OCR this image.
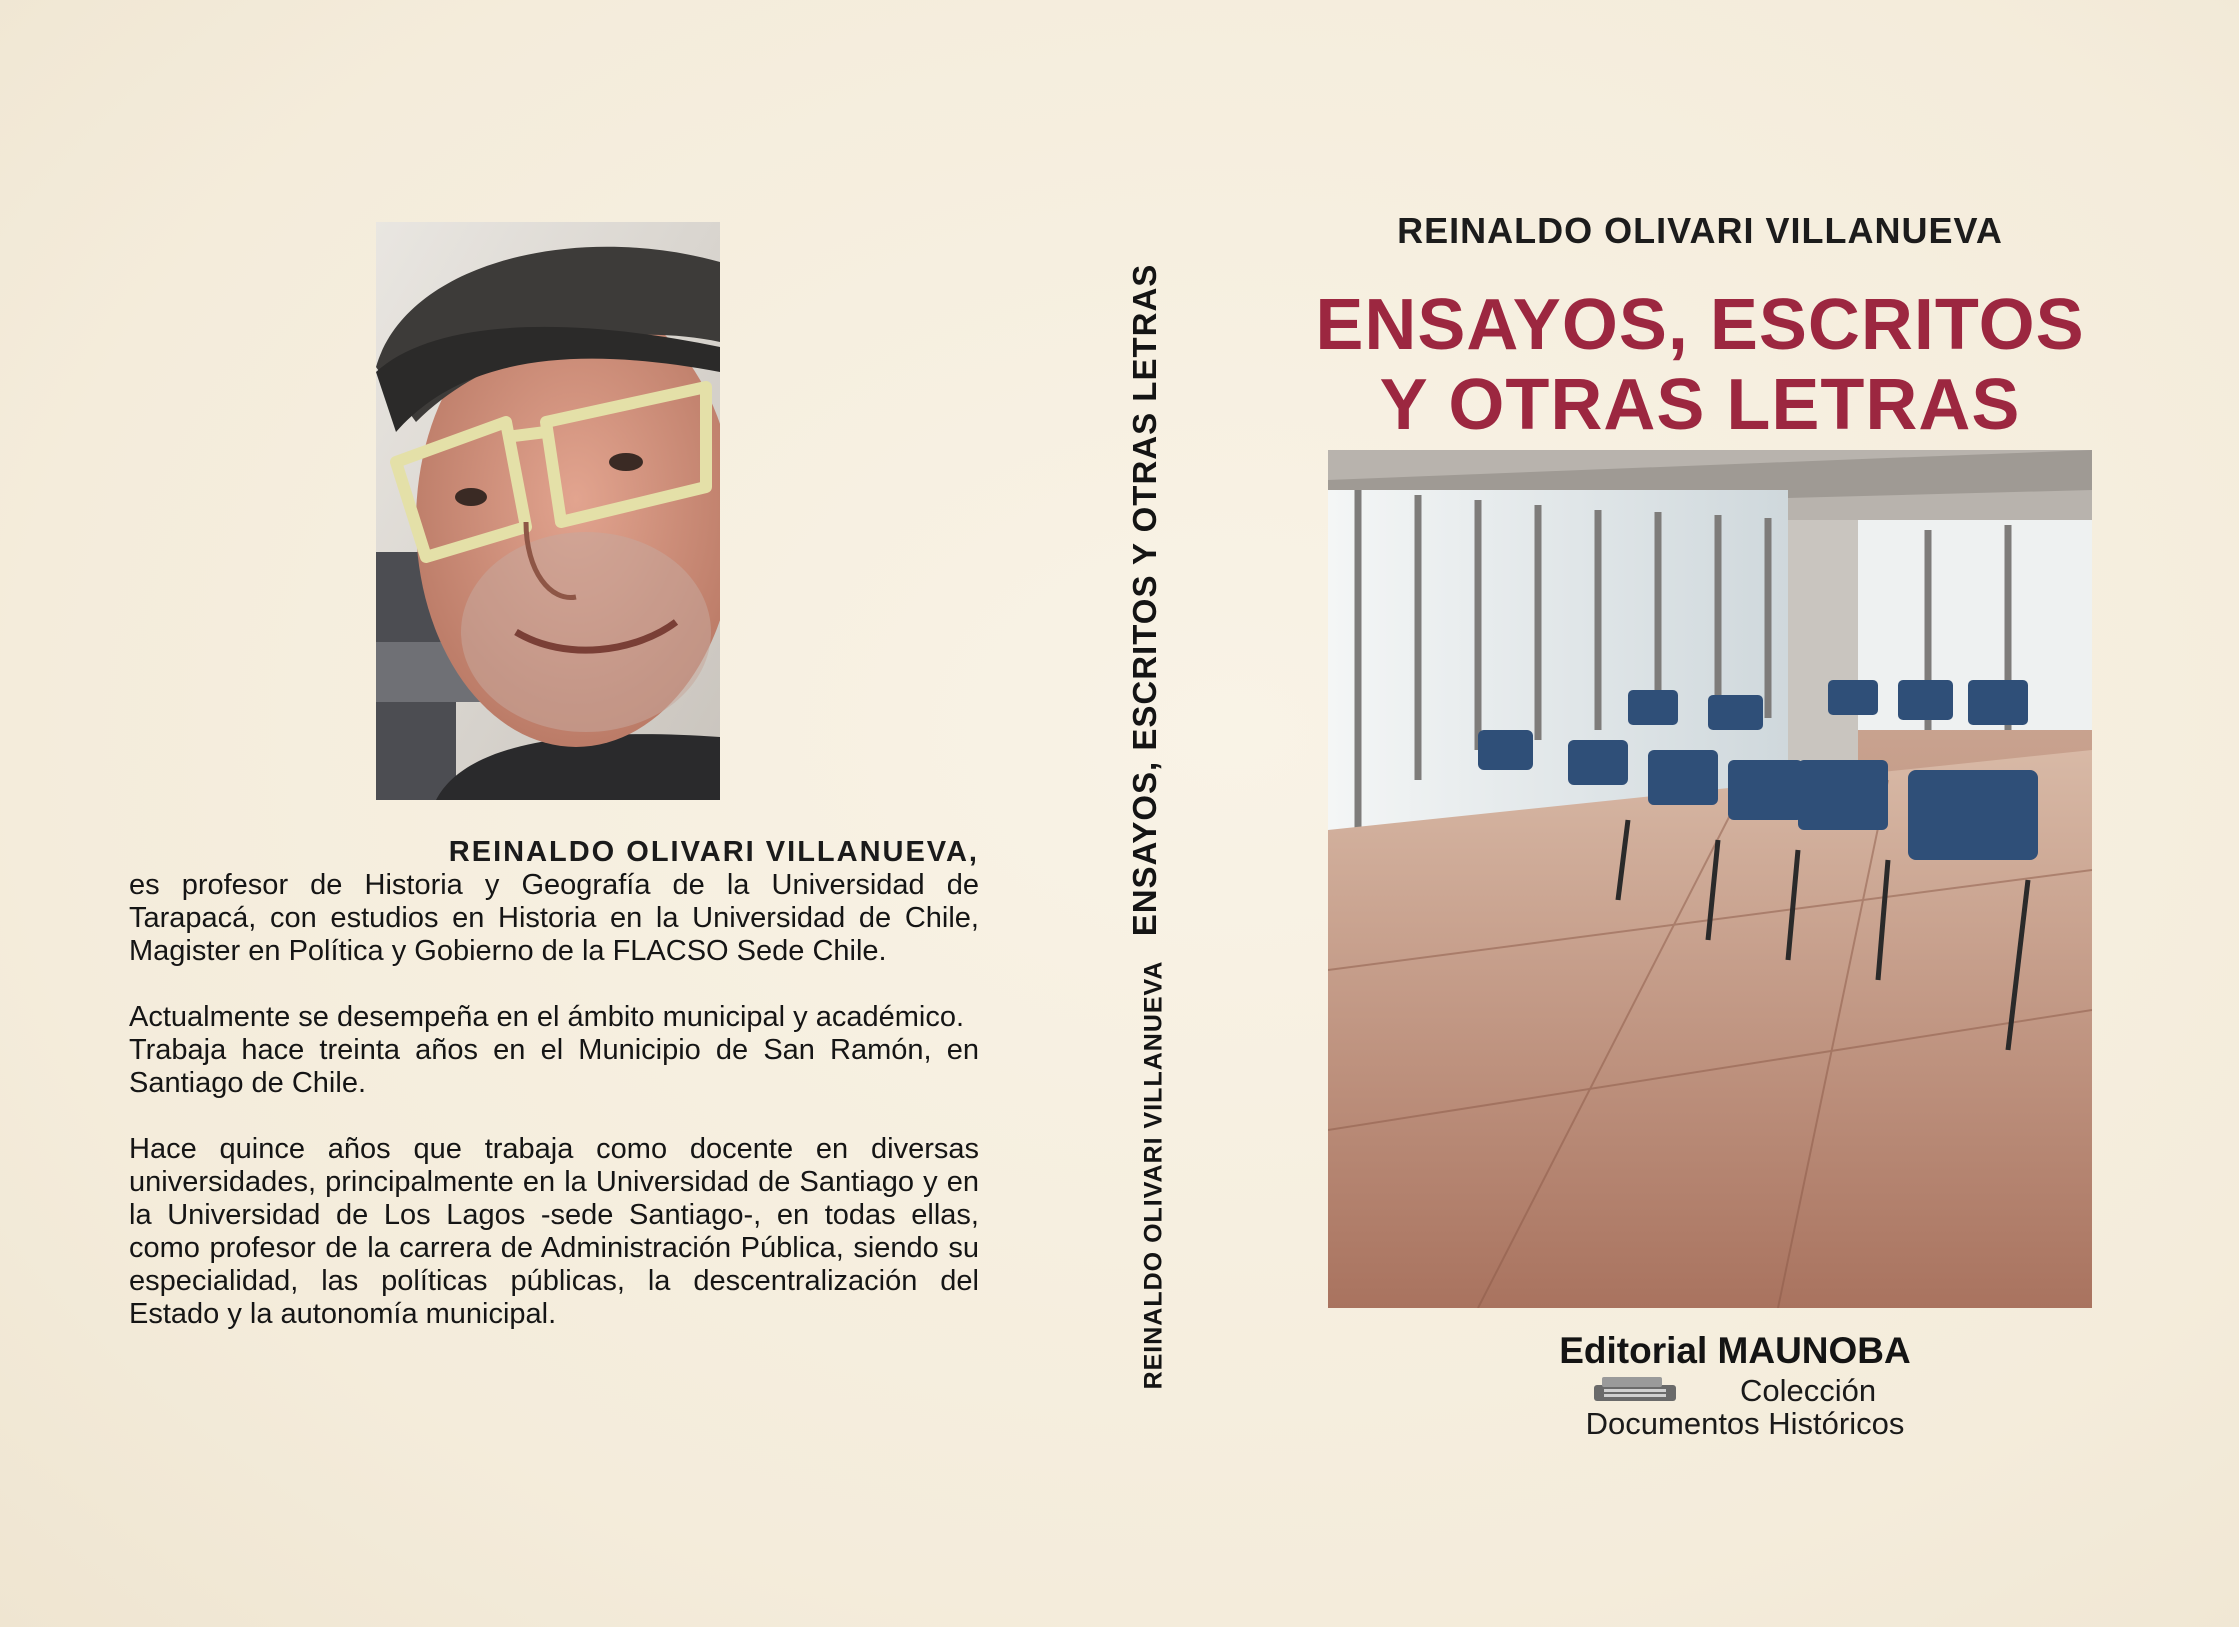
REINALDO OLIVARI VILLANUEVA,

es profesor de Historia y Geografía de la Universidad de Tarapacá, con estudios en Historia en la Universidad de Chile, Magister en Política y Gobierno de la FLACSO Sede Chile.

Actualmente se desempeña en el ámbito municipal y académico.

Trabaja hace treinta años en el Municipio de San Ramón, en Santiago de Chile.

Hace quince años que trabaja como docente en diversas universidades, principalmente en la Universidad de Santiago y en la Universidad de Los Lagos -sede Santiago-, en todas ellas, como profesor de la carrera de Administración Pública, siendo su especialidad, las políticas públicas, la descentralización del Estado y la autonomía municipal.

ENSAYOS, ESCRITOS Y OTRAS LETRAS
REINALDO OLIVARI VILLANUEVA
REINALDO OLIVARI VILLANUEVA
ENSAYOS, ESCRITOS
Y OTRAS LETRAS
Editorial MAUNOBA
Colección
Documentos Históricos
